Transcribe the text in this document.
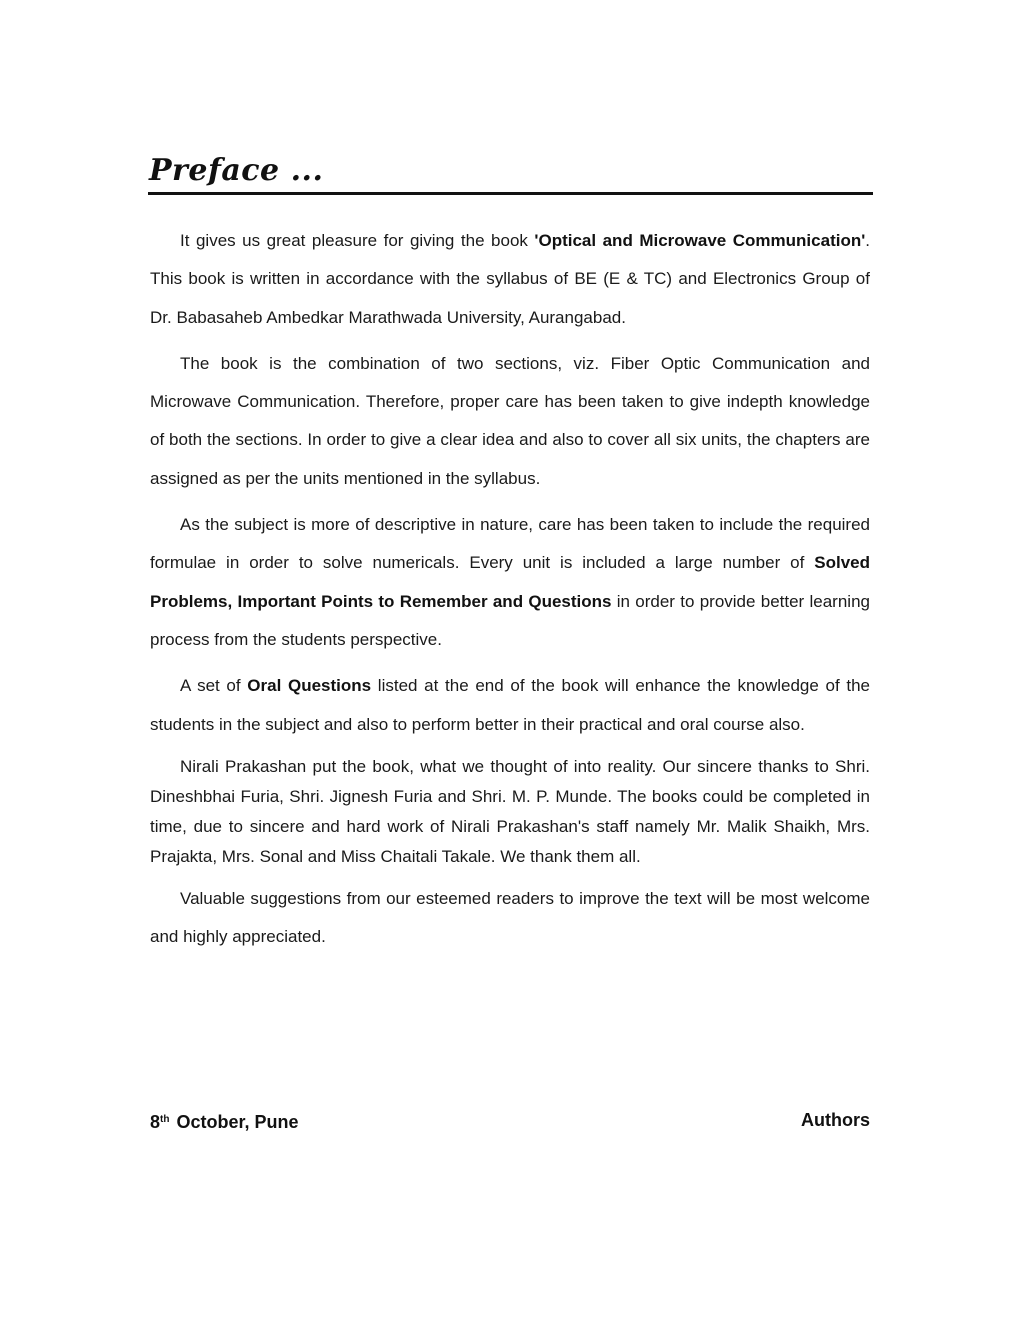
Preface ...

It gives us great pleasure for giving the book 'Optical and Microwave Communication'. This book is written in accordance with the syllabus of BE (E & TC) and Electronics Group of Dr. Babasaheb Ambedkar Marathwada University, Aurangabad.

The book is the combination of two sections, viz. Fiber Optic Communication and Microwave Communication. Therefore, proper care has been taken to give indepth knowledge of both the sections. In order to give a clear idea and also to cover all six units, the chapters are assigned as per the units mentioned in the syllabus.

As the subject is more of descriptive in nature, care has been taken to include the required formulae in order to solve numericals. Every unit is included a large number of Solved Problems, Important Points to Remember and Questions in order to provide better learning process from the students perspective.

A set of Oral Questions listed at the end of the book will enhance the knowledge of the students in the subject and also to perform better in their practical and oral course also.

Nirali Prakashan put the book, what we thought of into reality. Our sincere thanks to Shri. Dineshbhai Furia, Shri. Jignesh Furia and Shri. M. P. Munde. The books could be completed in time, due to sincere and hard work of Nirali Prakashan's staff namely Mr. Malik Shaikh, Mrs. Prajakta, Mrs. Sonal and Miss Chaitali Takale. We thank them all.

Valuable suggestions from our esteemed readers to improve the text will be most welcome and highly appreciated.

8th October, Pune	Authors
